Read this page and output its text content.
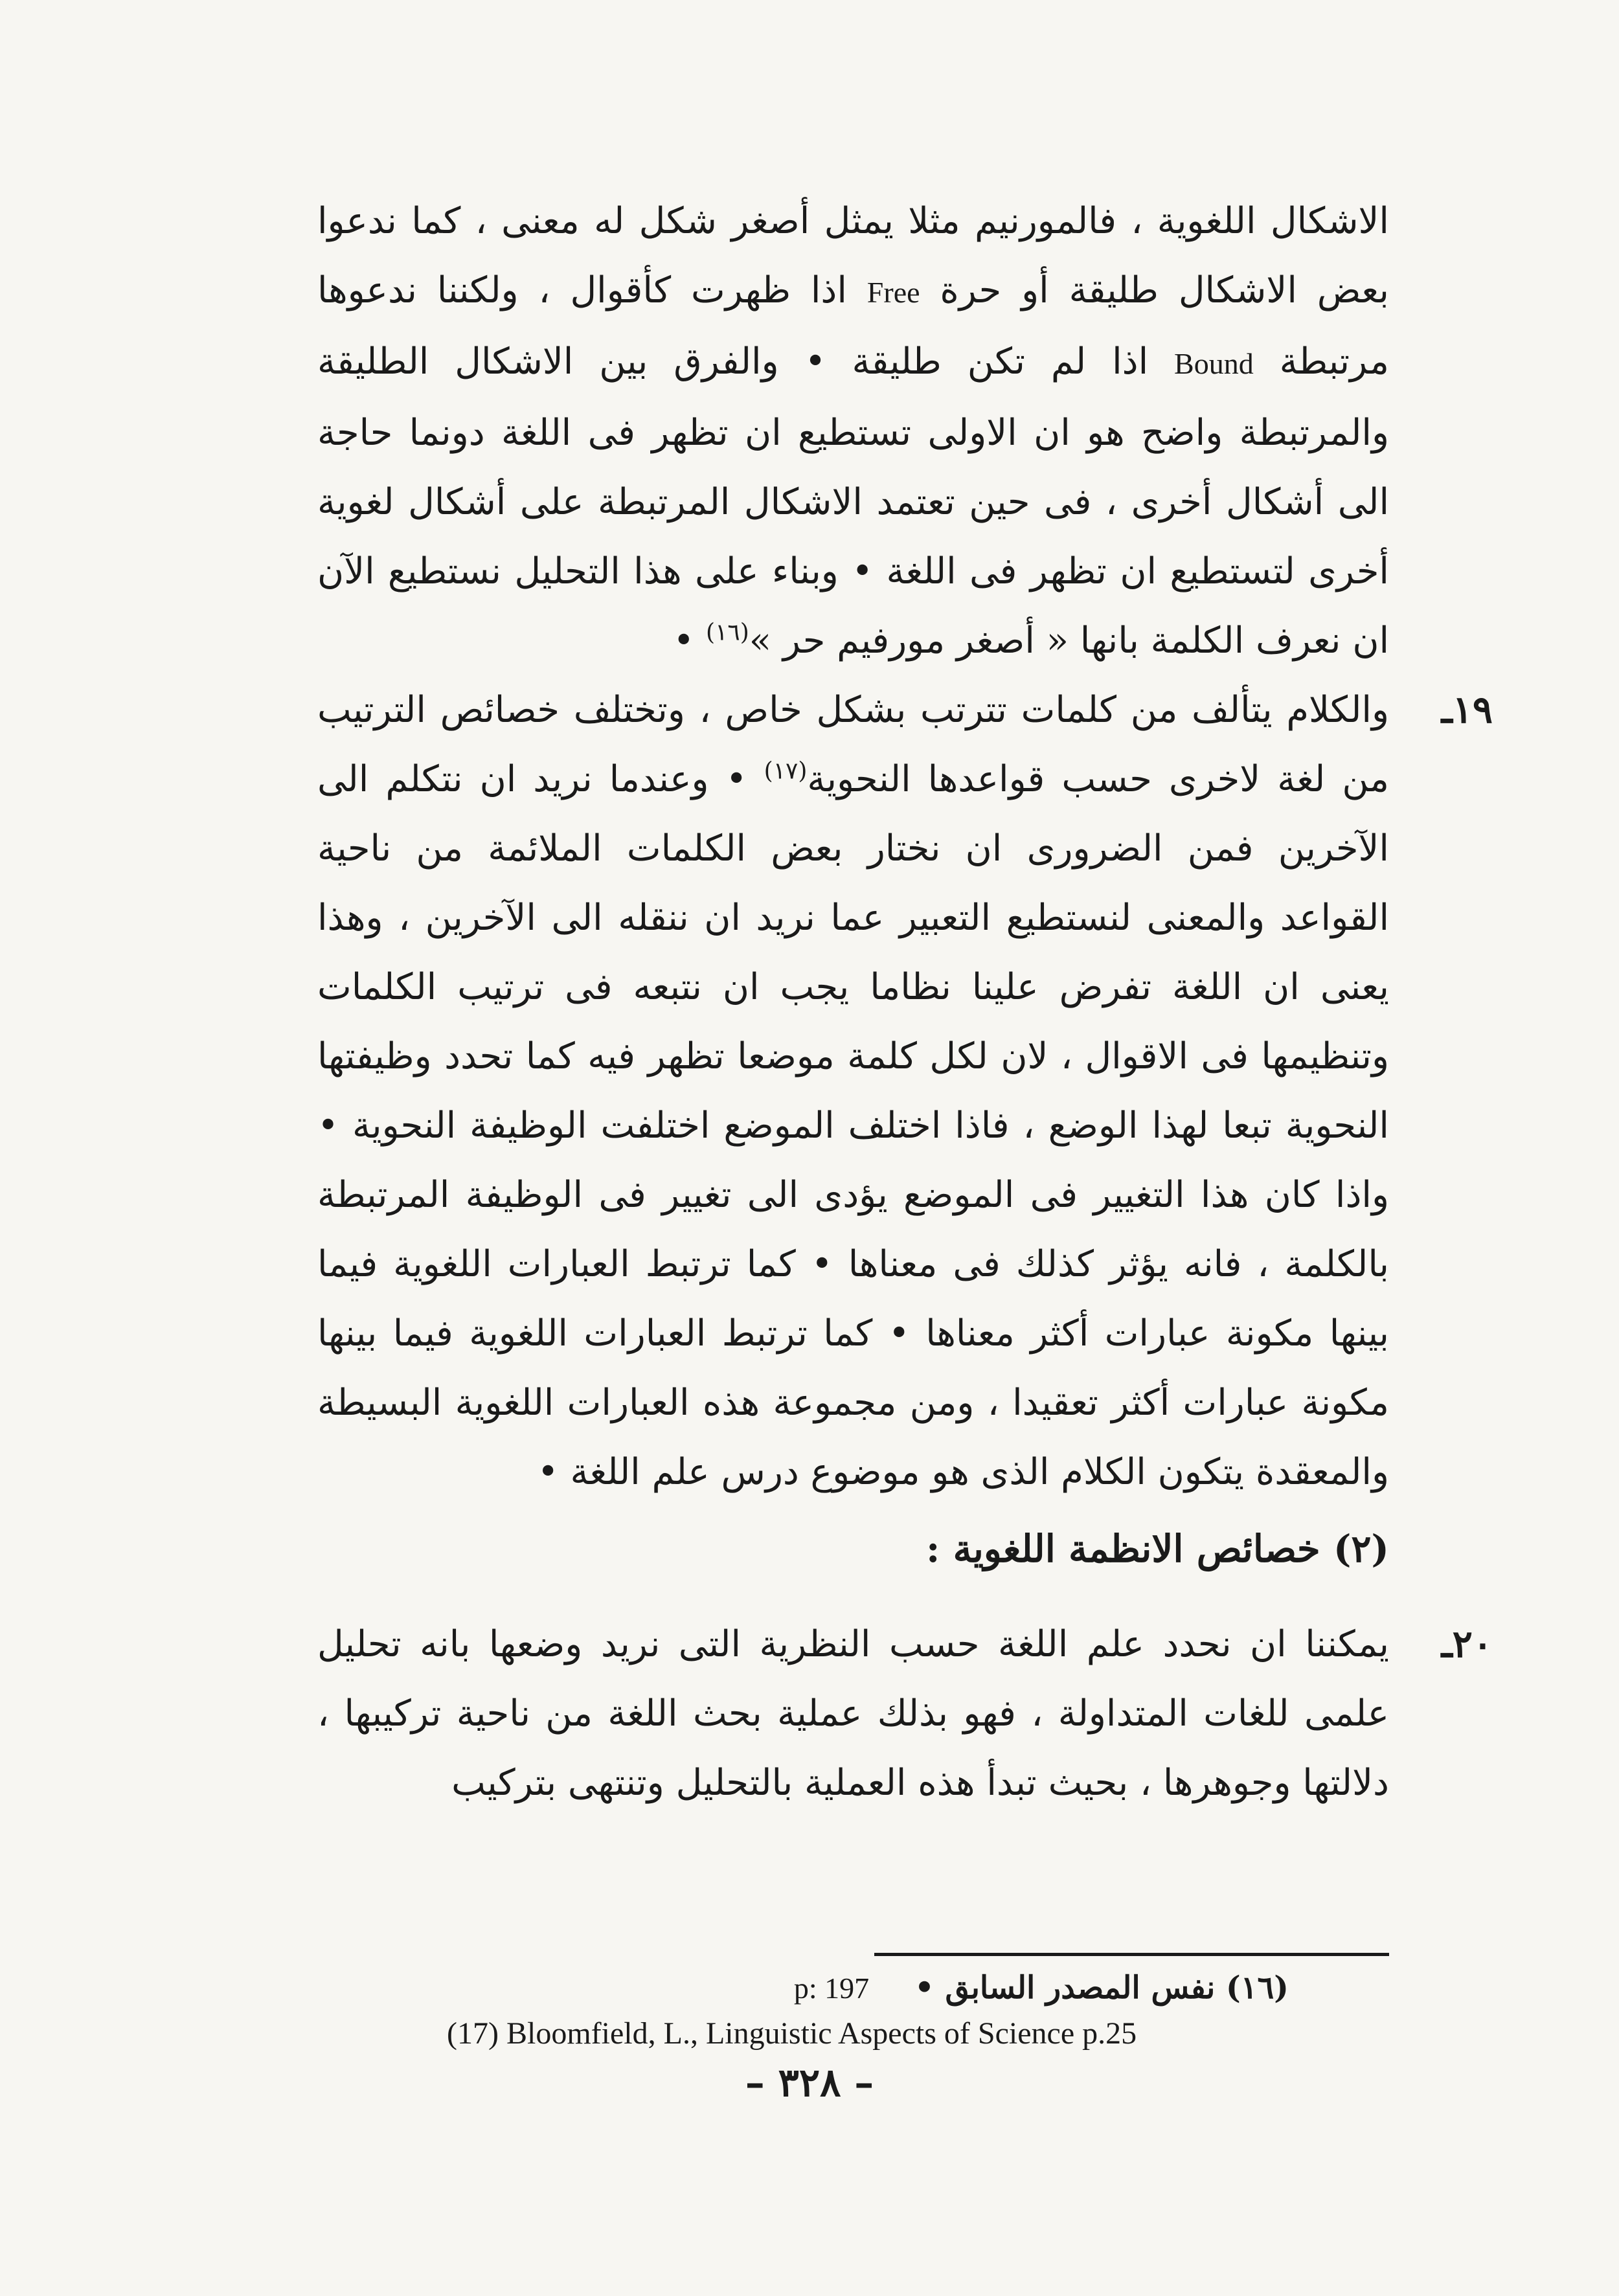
الاشكال اللغوية ، فالمورنيم مثلا يمثل أصغر شكل له معنى ، كما ندعوا بعض الاشكال طليقة أو حرة Free اذا ظهرت كأقوال ، ولكننا ندعوها مرتبطة Bound اذا لم تكن طليقة • والفرق بين الاشكال الطليقة والمرتبطة واضح هو ان الاولى تستطيع ان تظهر فى اللغة دونما حاجة الى أشكال أخرى ، فى حين تعتمد الاشكال المرتبطة على أشكال لغوية أخرى لتستطيع ان تظهر فى اللغة • وبناء على هذا التحليل نستطيع الآن ان نعرف الكلمة بانها « أصغر مورفيم حر »$^{(١٦)}$ •

١٩ـ
والكلام يتألف من كلمات تترتب بشكل خاص ، وتختلف خصائص الترتيب من لغة لاخرى حسب قواعدها النحوية$^{(١٧)}$ • وعندما نريد ان نتكلم الى الآخرين فمن الضرورى ان نختار بعض الكلمات الملائمة من ناحية القواعد والمعنى لنستطيع التعبير عما نريد ان ننقله الى الآخرين ، وهذا يعنى ان اللغة تفرض علينا نظاما يجب ان نتبعه فى ترتيب الكلمات وتنظيمها فى الاقوال ، لان لكل كلمة موضعا تظهر فيه كما تحدد وظيفتها النحوية تبعا لهذا الوضع ، فاذا اختلف الموضع اختلفت الوظيفة النحوية • واذا كان هذا التغيير فى الموضع يؤدى الى تغيير فى الوظيفة المرتبطة بالكلمة ، فانه يؤثر كذلك فى معناها • كما ترتبط العبارات اللغوية فيما بينها مكونة عبارات أكثر معناها • كما ترتبط العبارات اللغوية فيما بينها مكونة عبارات أكثر تعقيدا ، ومن مجموعة هذه العبارات اللغوية البسيطة والمعقدة يتكون الكلام الذى هو موضوع درس علم اللغة •

(٢) خصائص الانظمة اللغوية :

٢٠ـ
يمكننا ان نحدد علم اللغة حسب النظرية التى نريد وضعها بانه تحليل علمى للغات المتداولة ، فهو بذلك عملية بحث اللغة من ناحية تركيبها ، دلالتها وجوهرها ، بحيث تبدأ هذه العملية بالتحليل وتنتهى بتركيب

(١٦) نفس المصدر السابق •p: 197
(17) Bloomfield, L., Linguistic Aspects of Science p.25
– ٣٢٨ –
